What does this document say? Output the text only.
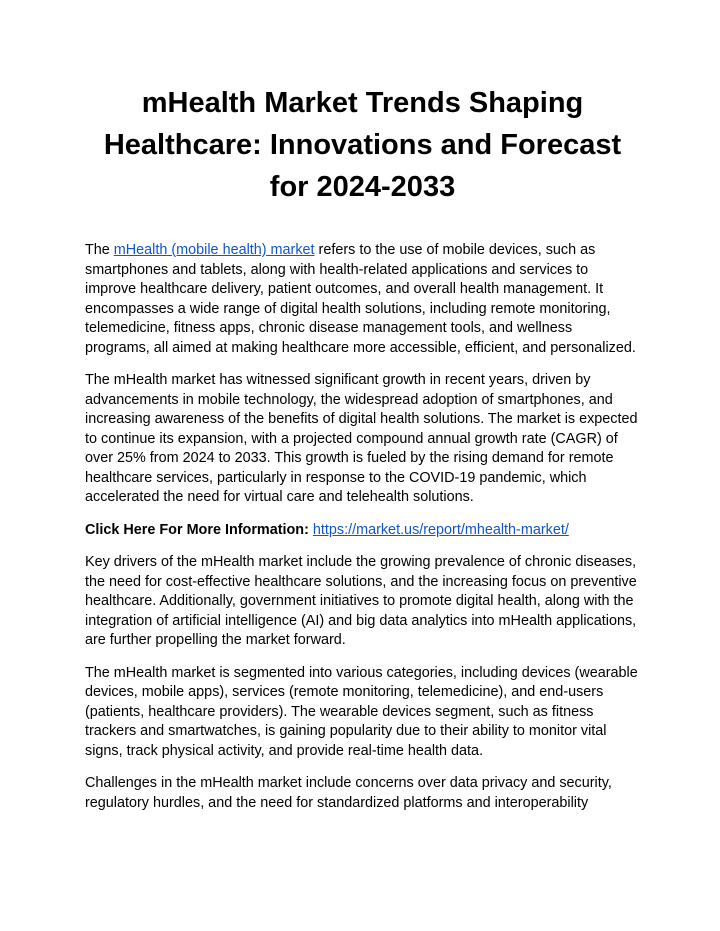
mHealth Market Trends Shaping
Healthcare: Innovations and Forecast
for 2024-2033

The mHealth (mobile health) market refers to the use of mobile devices, such as smartphones and tablets, along with health-related applications and services to improve healthcare delivery, patient outcomes, and overall health management. It encompasses a wide range of digital health solutions, including remote monitoring, telemedicine, fitness apps, chronic disease management tools, and wellness programs, all aimed at making healthcare more accessible, efficient, and personalized.

The mHealth market has witnessed significant growth in recent years, driven by advancements in mobile technology, the widespread adoption of smartphones, and increasing awareness of the benefits of digital health solutions. The market is expected to continue its expansion, with a projected compound annual growth rate (CAGR) of over 25% from 2024 to 2033. This growth is fueled by the rising demand for remote healthcare services, particularly in response to the COVID-19 pandemic, which accelerated the need for virtual care and telehealth solutions.

Click Here For More Information: https://market.us/report/mhealth-market/

Key drivers of the mHealth market include the growing prevalence of chronic diseases, the need for cost-effective healthcare solutions, and the increasing focus on preventive healthcare. Additionally, government initiatives to promote digital health, along with the integration of artificial intelligence (AI) and big data analytics into mHealth applications, are further propelling the market forward.

The mHealth market is segmented into various categories, including devices (wearable devices, mobile apps), services (remote monitoring, telemedicine), and end-users (patients, healthcare providers). The wearable devices segment, such as fitness trackers and smartwatches, is gaining popularity due to their ability to monitor vital signs, track physical activity, and provide real-time health data.

Challenges in the mHealth market include concerns over data privacy and security, regulatory hurdles, and the need for standardized platforms and interoperability
